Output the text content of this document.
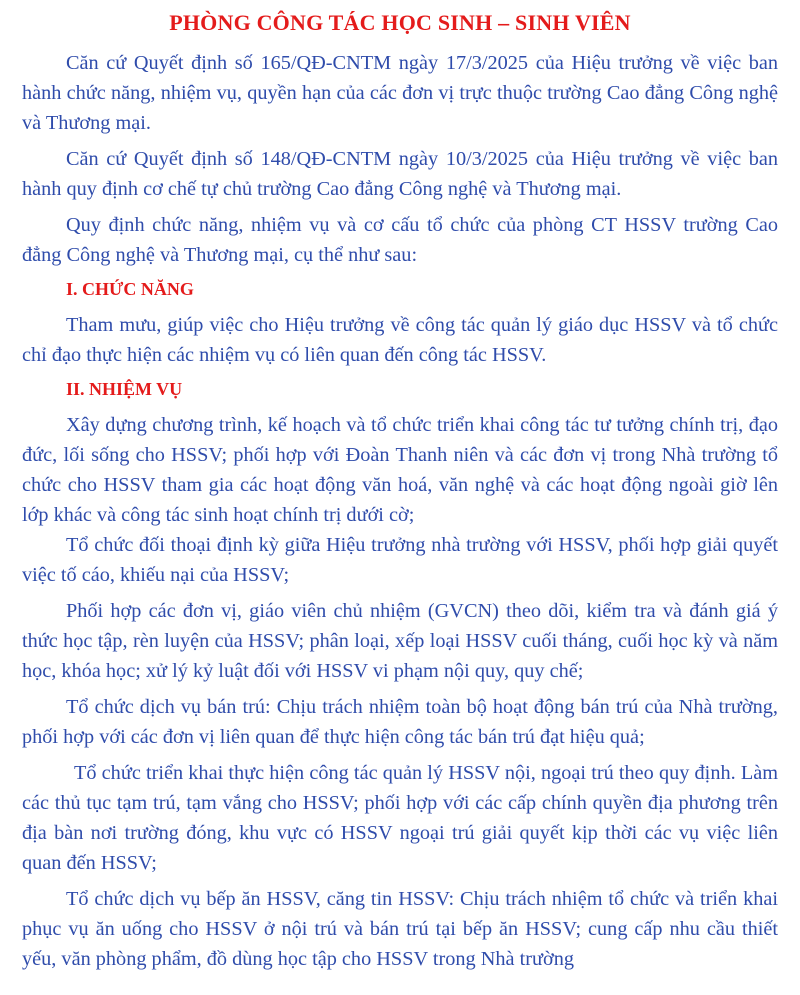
PHÒNG CÔNG TÁC HỌC SINH – SINH VIÊN

Căn cứ Quyết định số 165/QĐ-CNTM ngày 17/3/2025 của Hiệu trưởng về việc ban hành chức năng, nhiệm vụ, quyền hạn của các đơn vị trực thuộc trường Cao đẳng Công nghệ và Thương mại.

Căn cứ Quyết định số 148/QĐ-CNTM ngày 10/3/2025 của Hiệu trưởng về việc ban hành quy định cơ chế tự chủ trường Cao đẳng Công nghệ và Thương mại.

Quy định chức năng, nhiệm vụ và cơ cấu tổ chức của phòng CT HSSV trường Cao đẳng Công nghệ và Thương mại, cụ thể như sau:

I. CHỨC NĂNG

Tham mưu, giúp việc cho Hiệu trưởng về công tác quản lý giáo dục HSSV và tổ chức chỉ đạo thực hiện các nhiệm vụ có liên quan đến công tác HSSV.

II. NHIỆM VỤ

Xây dựng chương trình, kế hoạch và tổ chức triển khai công tác tư tưởng chính trị, đạo đức, lối sống cho HSSV; phối hợp với Đoàn Thanh niên và các đơn vị trong Nhà trường tổ chức cho HSSV tham gia các hoạt động văn hoá, văn nghệ và các hoạt động ngoài giờ lên lớp khác và công tác sinh hoạt chính trị dưới cờ;

Tổ chức đối thoại định kỳ giữa Hiệu trưởng nhà trường với HSSV, phối hợp giải quyết việc tố cáo, khiếu nại của HSSV;

Phối hợp các đơn vị, giáo viên chủ nhiệm (GVCN) theo dõi, kiểm tra và đánh giá ý thức học tập, rèn luyện của HSSV; phân loại, xếp loại HSSV cuối tháng, cuối học kỳ và năm học, khóa học; xử lý kỷ luật đối với HSSV vi phạm nội quy, quy chế;

Tổ chức dịch vụ bán trú: Chịu trách nhiệm toàn bộ hoạt động bán trú của Nhà trường, phối hợp với các đơn vị liên quan để thực hiện công tác bán trú đạt hiệu quả;

Tổ chức triển khai thực hiện công tác quản lý HSSV nội, ngoại trú theo quy định. Làm các thủ tục tạm trú, tạm vắng cho HSSV; phối hợp với các cấp chính quyền địa phương trên địa bàn nơi trường đóng, khu vực có HSSV ngoại trú giải quyết kịp thời các vụ việc liên quan đến HSSV;

Tổ chức dịch vụ bếp ăn HSSV, căng tin HSSV: Chịu trách nhiệm tổ chức và triển khai phục vụ ăn uống cho HSSV ở nội trú và bán trú tại bếp ăn HSSV; cung cấp nhu cầu thiết yếu, văn phòng phẩm, đồ dùng học tập cho HSSV trong Nhà trường
